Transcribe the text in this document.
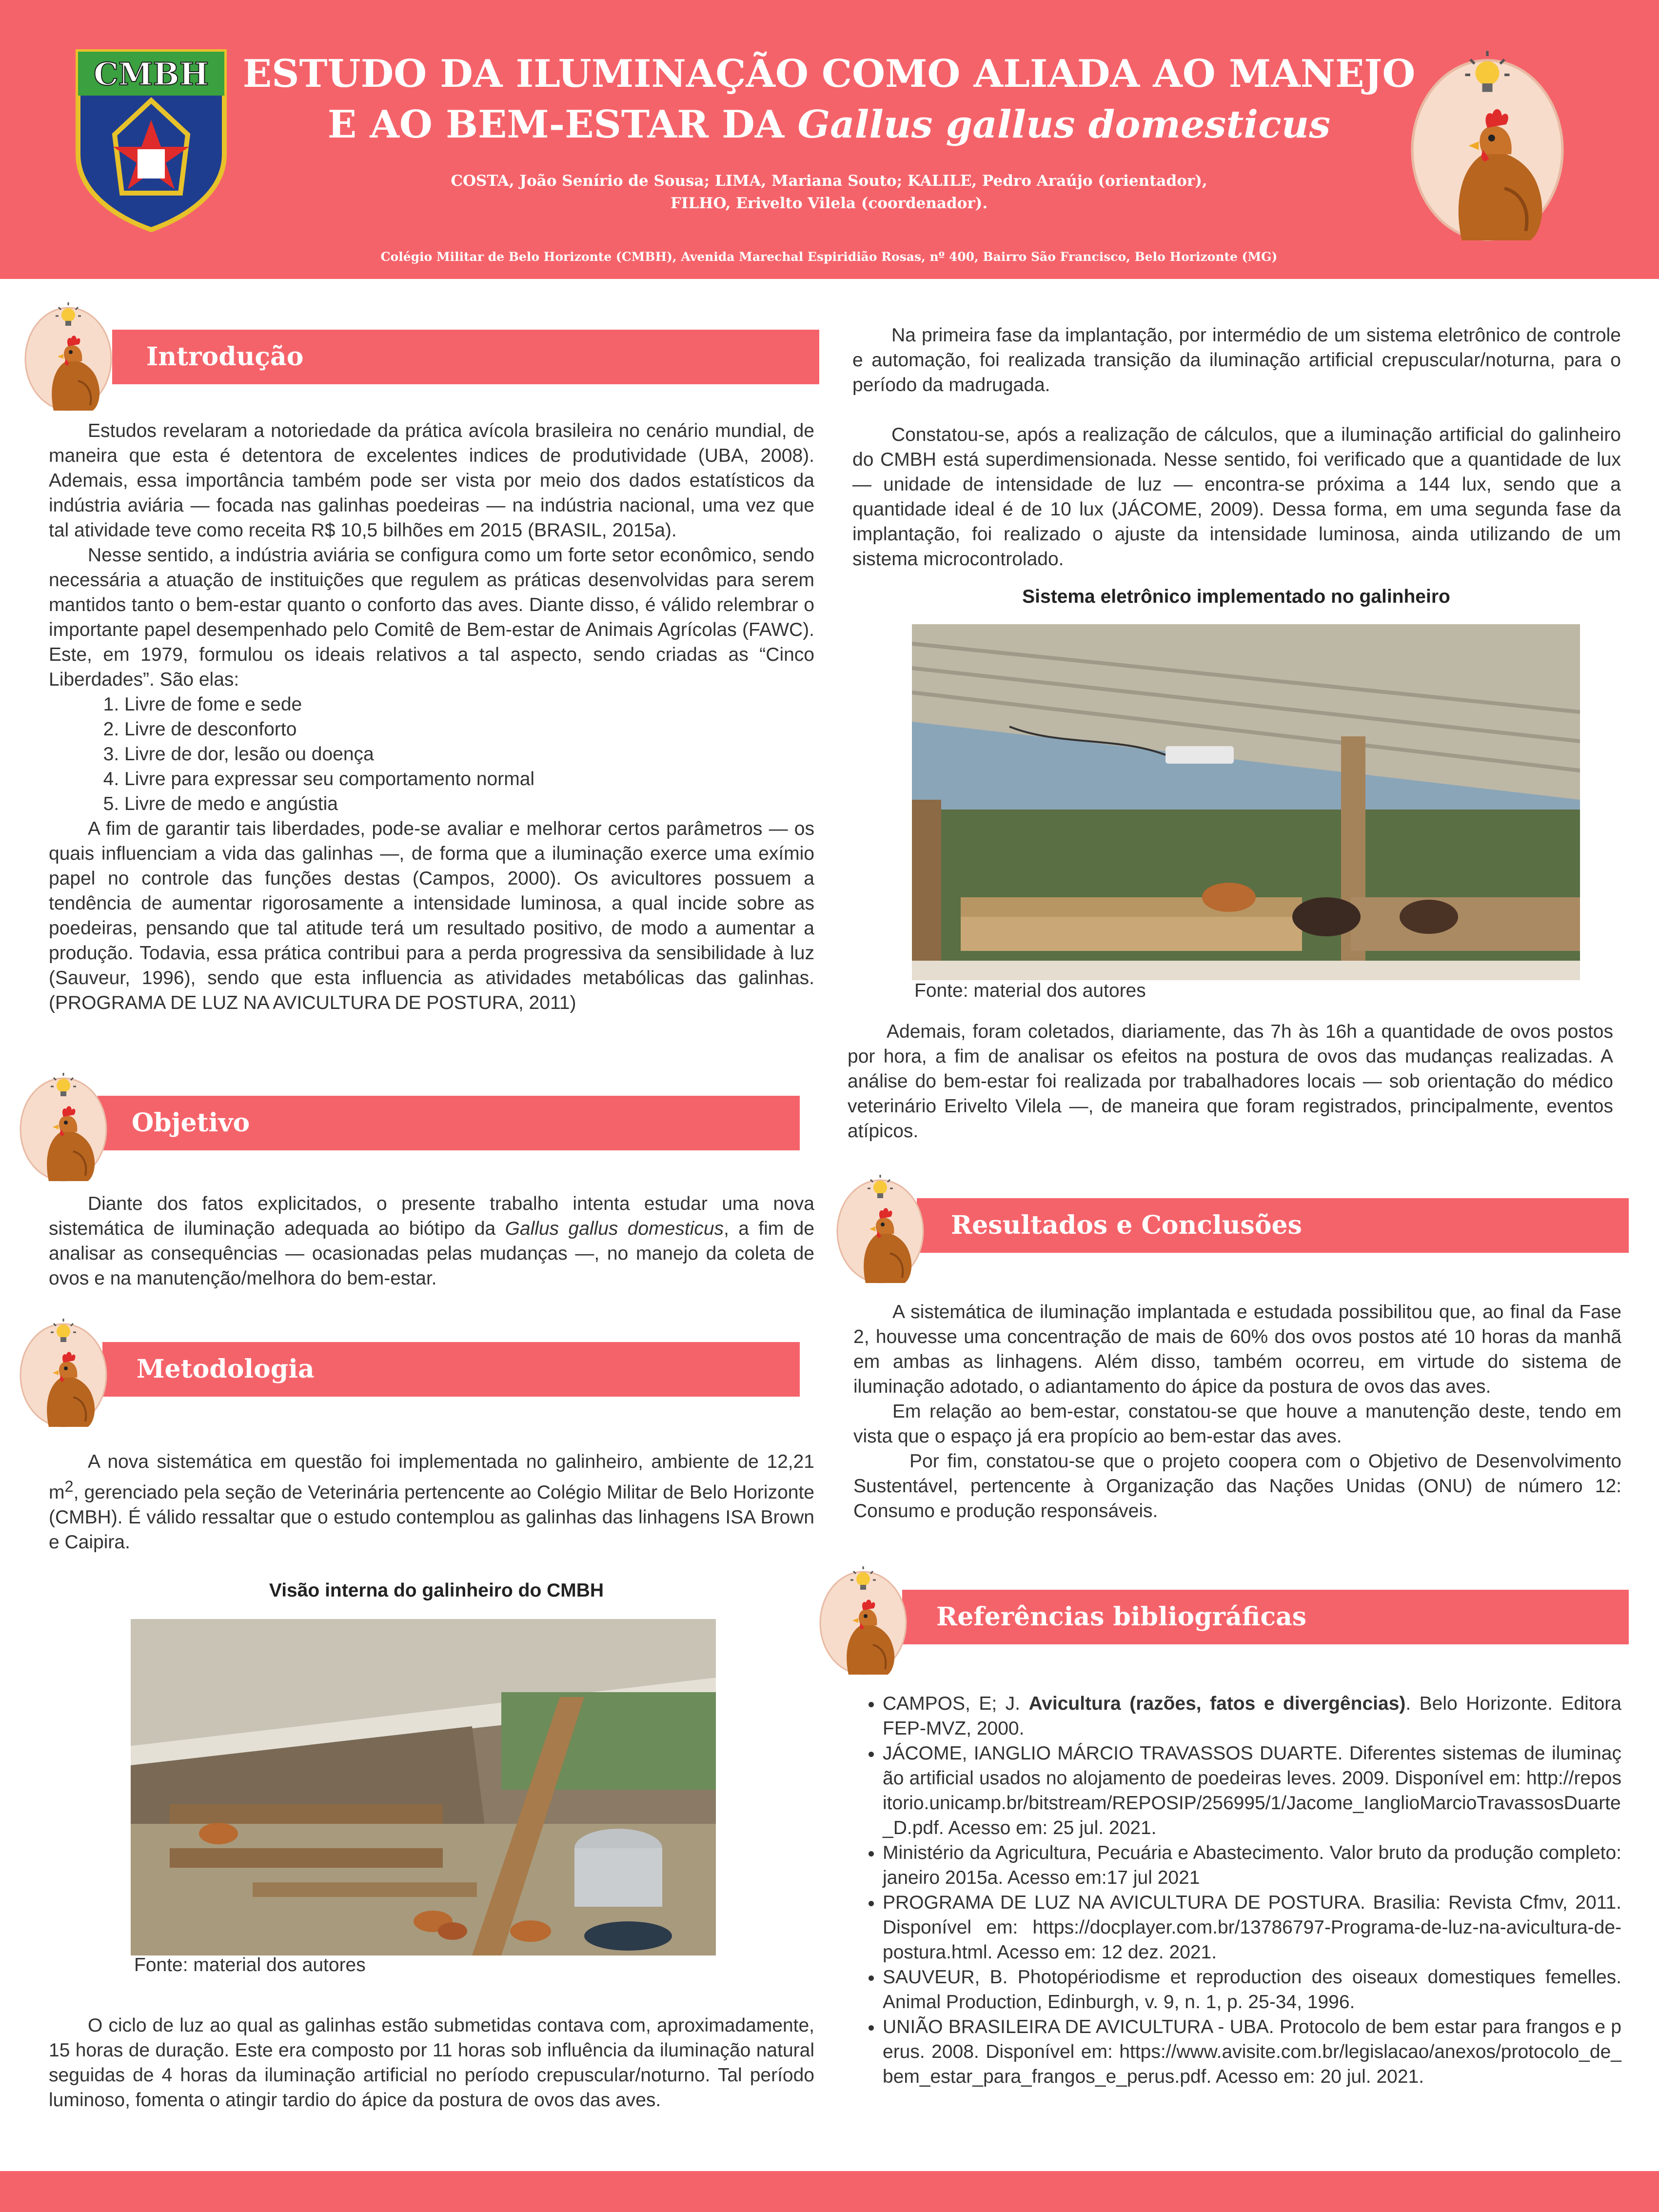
CMBH ESTUDO DA ILUMINAÇÃO COMO ALIADA AO MANEJO
E AO BEM-ESTAR DA Gallus gallus domesticus
COSTA, João Senírio de Sousa; LIMA, Mariana Souto; KALILE, Pedro Araújo (orientador),
FILHO, Erivelto Vilela (coordenador).
Colégio Militar de Belo Horizonte (CMBH), Avenida Marechal Espiridião Rosas, nº 400, Bairro São Francisco, Belo Horizonte (MG)
Introdução

Estudos revelaram a notoriedade da prática avícola brasileira no cenário mundial, de maneira que esta é detentora de excelentes indices de produtividade (UBA, 2008). Ademais, essa importância também pode ser vista por meio dos dados estatísticos da indústria aviária — focada nas galinhas poedeiras — na indústria nacional, uma vez que tal atividade teve como receita R$ 10,5 bilhões em 2015 (BRASIL, 2015a).

Nesse sentido, a indústria aviária se configura como um forte setor econômico, sendo necessária a atuação de instituições que regulem as práticas desenvolvidas para serem mantidos tanto o bem-estar quanto o conforto das aves. Diante disso, é válido relembrar o importante papel desempenhado pelo Comitê de Bem-estar de Animais Agrícolas (FAWC). Este, em 1979, formulou os ideais relativos a tal aspecto, sendo criadas as “Cinco Liberdades”. São elas:

1. Livre de fome e sede
2. Livre de desconforto
3. Livre de dor, lesão ou doença
4. Livre para expressar seu comportamento normal
5. Livre de medo e angústia

A fim de garantir tais liberdades, pode-se avaliar e melhorar certos parâmetros — os quais influenciam a vida das galinhas —, de forma que a iluminação exerce uma exímio papel no controle das funções destas (Campos, 2000). Os avicultores possuem a tendência de aumentar rigorosamente a intensidade luminosa, a qual incide sobre as poedeiras, pensando que tal atitude terá um resultado positivo, de modo a aumentar a produção. Todavia, essa prática contribui para a perda progressiva da sensibilidade à luz (Sauveur, 1996), sendo que esta influencia as atividades metabólicas das galinhas. (PROGRAMA DE LUZ NA AVICULTURA DE POSTURA, 2011)

Objetivo

Diante dos fatos explicitados, o presente trabalho intenta estudar uma nova sistemática de iluminação adequada ao biótipo da Gallus gallus domesticus, a fim de analisar as consequências — ocasionadas pelas mudanças —, no manejo da coleta de ovos e na manutenção/melhora do bem-estar.

Metodologia

A nova sistemática em questão foi implementada no galinheiro, ambiente de 12,21 $m^2$, gerenciado pela seção de Veterinária pertencente ao Colégio Militar de Belo Horizonte (CMBH). É válido ressaltar que o estudo contemplou as galinhas das linhagens ISA Brown e Caipira.

Visão interna do galinheiro do CMBH
Fonte: material dos autores

O ciclo de luz ao qual as galinhas estão submetidas contava com, aproximadamente, 15 horas de duração. Este era composto por 11 horas sob influência da iluminação natural seguidas de 4 horas da iluminação artificial no período crepuscular/noturno. Tal período luminoso, fomenta o atingir tardio do ápice da postura de ovos das aves.

Na primeira fase da implantação, por intermédio de um sistema eletrônico de controle e automação, foi realizada transição da iluminação artificial crepuscular/noturna, para o período da madrugada.

Constatou-se, após a realização de cálculos, que a iluminação artificial do galinheiro do CMBH está superdimensionada. Nesse sentido, foi verificado que a quantidade de lux — unidade de intensidade de luz — encontra-se próxima a 144 lux, sendo que a quantidade ideal é de 10 lux (JÁCOME, 2009). Dessa forma, em uma segunda fase da implantação, foi realizado o ajuste da intensidade luminosa, ainda utilizando de um sistema microcontrolado.

Sistema eletrônico implementado no galinheiro
Fonte: material dos autores

Ademais, foram coletados, diariamente, das 7h às 16h a quantidade de ovos postos por hora, a fim de analisar os efeitos na postura de ovos das mudanças realizadas. A análise do bem-estar foi realizada por trabalhadores locais — sob orientação do médico veterinário Erivelto Vilela —, de maneira que foram registrados, principalmente, eventos atípicos.

Resultados e Conclusões

A sistemática de iluminação implantada e estudada possibilitou que, ao final da Fase 2, houvesse uma concentração de mais de 60% dos ovos postos até 10 horas da manhã em ambas as linhagens. Além disso, também ocorreu, em virtude do sistema de iluminação adotado, o adiantamento do ápice da postura de ovos das aves.

Em relação ao bem-estar, constatou-se que houve a manutenção deste, tendo em vista que o espaço já era propício ao bem-estar das aves.

Por fim, constatou-se que o projeto coopera com o Objetivo de Desenvolvimento Sustentável, pertencente à Organização das Nações Unidas (ONU) de número 12: Consumo e produção responsáveis.

Referências bibliográficas
• CAMPOS, E; J. Avicultura (razões, fatos e divergências). Belo Horizonte. Editora FEP-MVZ, 2000.
• JÁCOME, IANGLIO MÁRCIO TRAVASSOS DUARTE. Diferentes sistemas de iluminação artificial usados no alojamento de poedeiras leves. 2009. Disponível em: http://repositorio.unicamp.br/bitstream/REPOSIP/256995/1/Jacome_IanglioMarcioTravassosDuarte_D.pdf. Acesso em: 25 jul. 2021.
• Ministério da Agricultura, Pecuária e Abastecimento. Valor bruto da produção completo: janeiro 2015a. Acesso em:17 jul 2021
• PROGRAMA DE LUZ NA AVICULTURA DE POSTURA. Brasilia: Revista Cfmv, 2011. Disponível em: https://docplayer.com.br/13786797-Programa-de-luz-na-avicultura-de-postura.html. Acesso em: 12 dez. 2021.
• SAUVEUR, B. Photopériodisme et reproduction des oiseaux domestiques femelles. Animal Production, Edinburgh, v. 9, n. 1, p. 25-34, 1996.
• UNIÃO BRASILEIRA DE AVICULTURA - UBA. Protocolo de bem estar para frangos e perus. 2008. Disponível em: https://www.avisite.com.br/legislacao/anexos/protocolo_de_bem_estar_para_frangos_e_perus.pdf. Acesso em: 20 jul. 2021.
